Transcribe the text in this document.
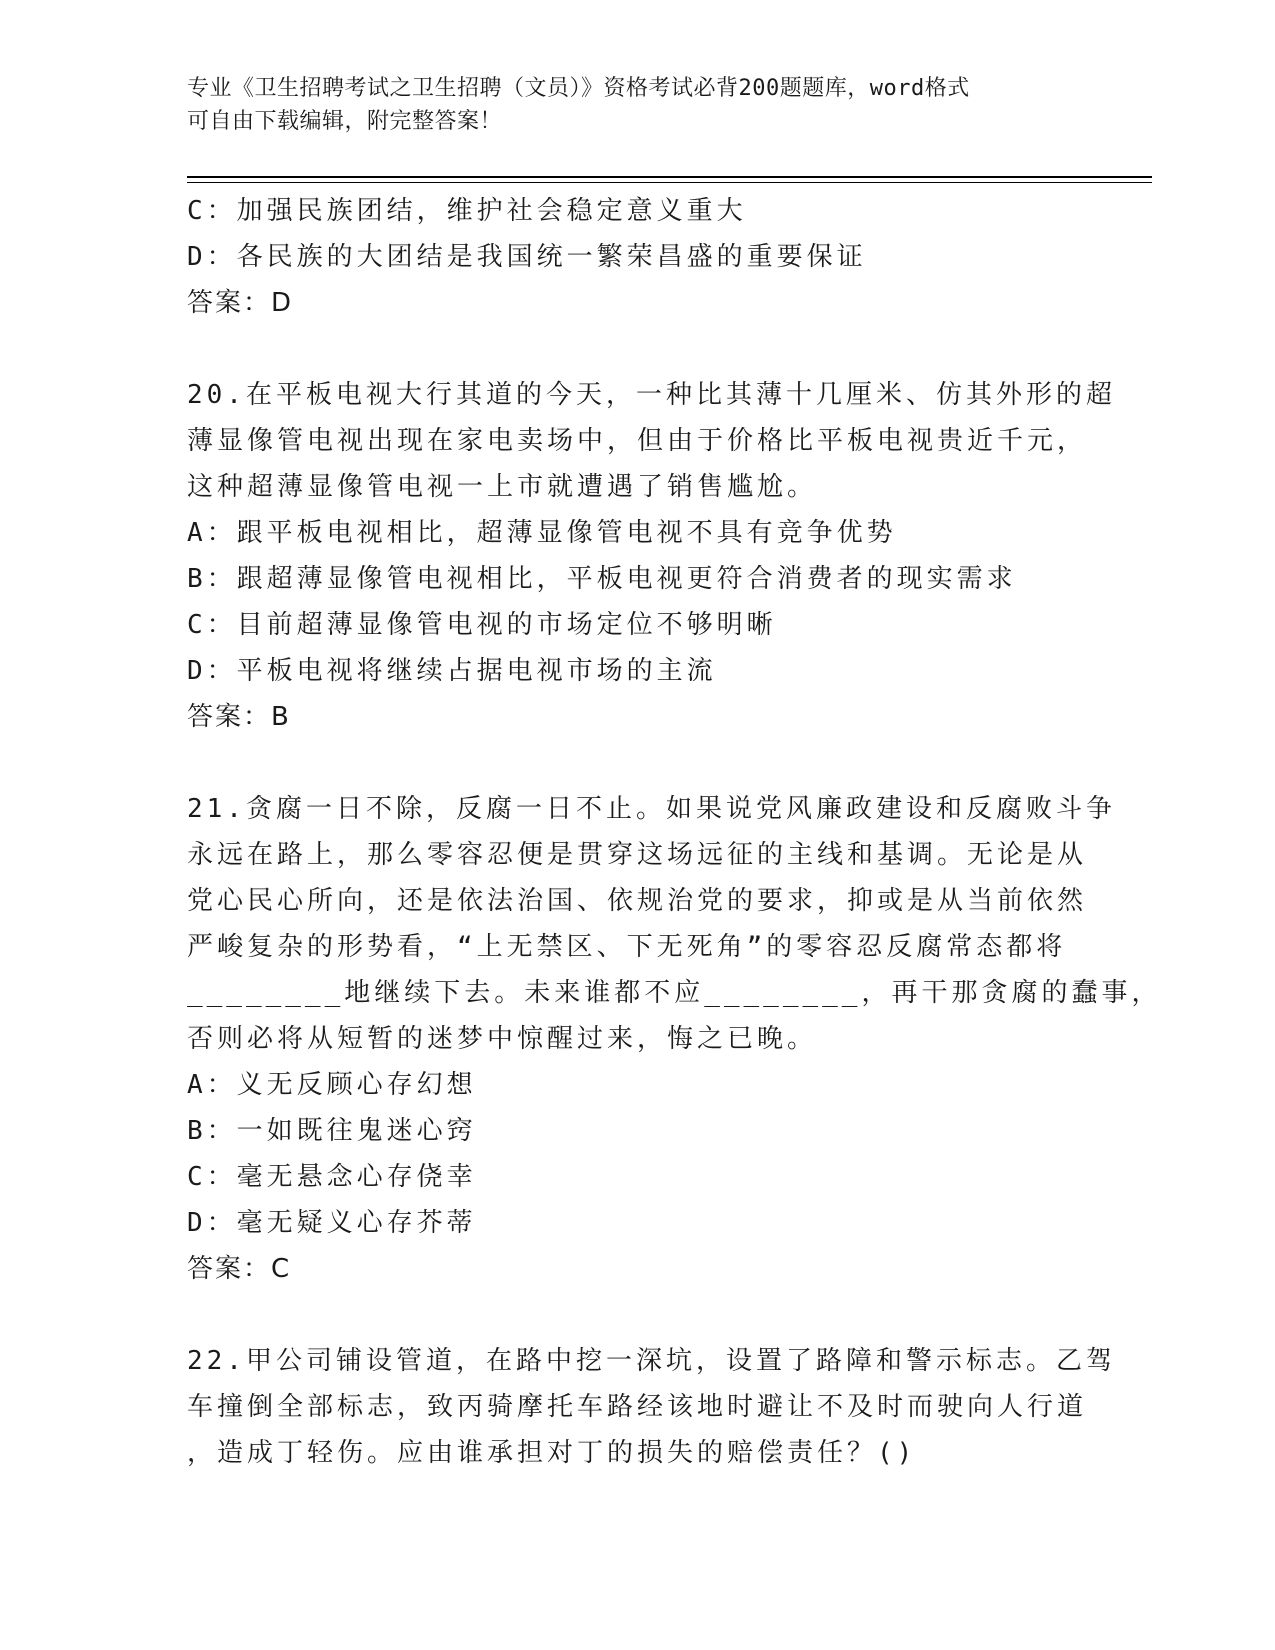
专业《卫生招聘考试之卫生招聘（文员）》资格考试必背200题题库，word格式
可自由下载编辑，附完整答案！
C：加强民族团结，维护社会稳定意义重大
D：各民族的大团结是我国统一繁荣昌盛的重要保证
答案：D
20.在平板电视大行其道的今天，一种比其薄十几厘米、仿其外形的超
薄显像管电视出现在家电卖场中，但由于价格比平板电视贵近千元，
这种超薄显像管电视一上市就遭遇了销售尴尬。
A：跟平板电视相比，超薄显像管电视不具有竞争优势
B：跟超薄显像管电视相比，平板电视更符合消费者的现实需求
C：目前超薄显像管电视的市场定位不够明晰
D：平板电视将继续占据电视市场的主流
答案：B
21.贪腐一日不除，反腐一日不止。如果说党风廉政建设和反腐败斗争
永远在路上，那么零容忍便是贯穿这场远征的主线和基调。无论是从
党心民心所向，还是依法治国、依规治党的要求，抑或是从当前依然
严峻复杂的形势看，“上无禁区、下无死角”的零容忍反腐常态都将
________地继续下去。未来谁都不应________，再干那贪腐的蠢事，
否则必将从短暂的迷梦中惊醒过来，悔之已晚。
A：义无反顾心存幻想
B：一如既往鬼迷心窍
C：毫无悬念心存侥幸
D：毫无疑义心存芥蒂
答案：C
22.甲公司铺设管道，在路中挖一深坑，设置了路障和警示标志。乙驾
车撞倒全部标志，致丙骑摩托车路经该地时避让不及时而驶向人行道
，造成丁轻伤。应由谁承担对丁的损失的赔偿责任？()
